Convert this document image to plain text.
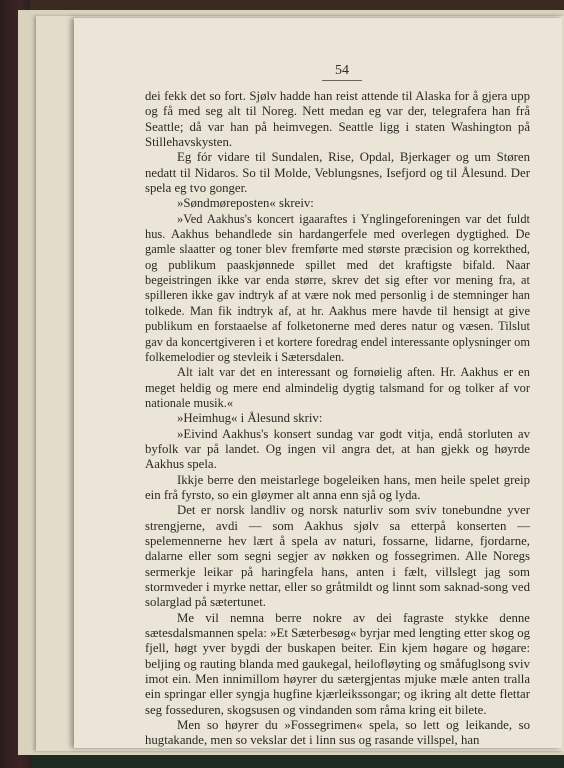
54

dei fekk det so fort. Sjølv hadde han reist attende til Alaska for å gjera upp og få med seg alt til Noreg. Nett medan eg var der, telegrafera han frå Seattle; då var han på heimvegen. Seattle ligg i staten Washington på Stillehavskysten.

Eg fór vidare til Sundalen, Rise, Opdal, Bjerkager og um Støren nedatt til Nidaros. So til Molde, Veblungsnes, Isefjord og til Ålesund. Der spela eg tvo gonger.

»Søndmøreposten« skreiv:

»Ved Aakhus's koncert igaaraftes i Ynglingeforeningen var det fuldt hus. Aakhus behandlede sin hardangerfele med overlegen dygtighed. De gamle slaatter og toner blev fremførte med største præcision og korrekthed, og publikum paaskjønnede spillet med det kraftigste bifald. Naar begeistringen ikke var enda større, skrev det sig efter vor mening fra, at spilleren ikke gav indtryk af at være nok med personlig i de stemninger han tolkede. Man fik indtryk af, at hr. Aakhus mere havde til hensigt at give publikum en forstaaelse af folketonerne med deres natur og væsen. Tilslut gav da koncertgiveren i et kortere foredrag endel interessante oplysninger om folkemelodier og stevleik i Sætersdalen.

Alt ialt var det en interessant og fornøielig aften. Hr. Aakhus er en meget heldig og mere end almindelig dygtig talsmand for og tolker af vor nationale musik.«

»Heimhug« i Ålesund skriv:

»Eivind Aakhus's konsert sundag var godt vitja, endå storluten av byfolk var på landet. Og ingen vil angra det, at han gjekk og høyrde Aakhus spela.

Ikkje berre den meistarlege bogeleiken hans, men heile spelet greip ein frå fyrsto, so ein gløymer alt anna enn sjå og lyda.

Det er norsk landliv og norsk naturliv som sviv tonebundne yver strengjerne, avdi — som Aakhus sjølv sa etterpå konserten — spelemennerne hev lært å spela av naturi, fossarne, lidarne, fjordarne, dalarne eller som segni segjer av nøkken og fossegrimen. Alle Noregs sermerkje leikar på haringfela hans, anten i fælt, villslegt jag som stormveder i myrke nettar, eller so gråtmildt og linnt som saknad-song ved solarglad på sætertunet.

Me vil nemna berre nokre av dei fagraste stykke denne sætesdalsmannen spela: »Et Sæterbesøg« byrjar med lengting etter skog og fjell, høgt yver bygdi der buskapen beiter. Ein kjem høgare og høgare: beljing og rauting blanda med gaukegal, heilofløyting og småfuglsong sviv imot ein. Men innimillom høyrer du sætergjentas mjuke mæle anten tralla ein springar eller syngja hugfine kjærleikssongar; og ikring alt dette flettar seg fosseduren, skogsusen og vindanden som råma kring eit bilete.

Men so høyrer du »Fossegrimen« spela, so lett og leikande, so hugtakande, men so vekslar det i linn sus og rasande villspel, han
